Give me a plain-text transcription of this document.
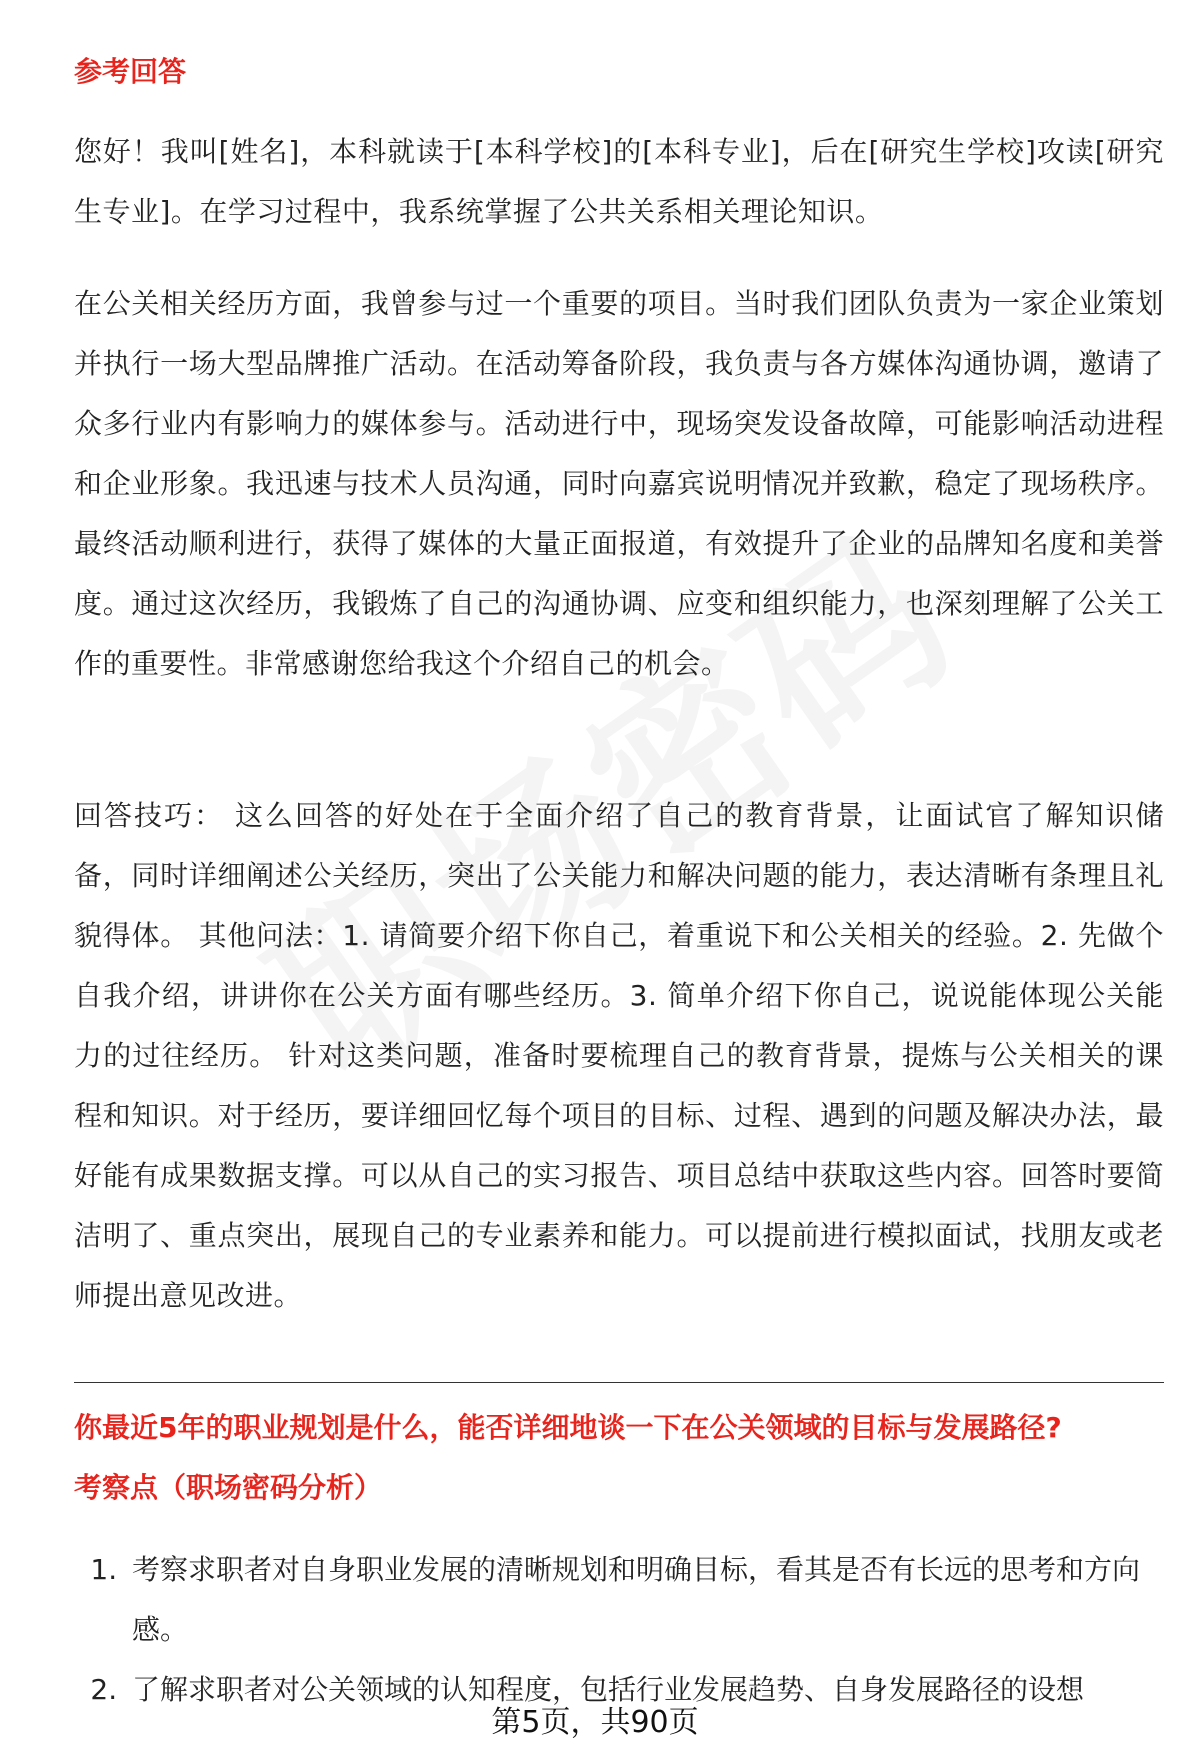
参考回答

您好！我叫[姓名]，本科就读于[本科学校]的[本科专业]，后在[研究生学校]攻读[研究生专业]。在学习过程中，我系统掌握了公共关系相关理论知识。

在公关相关经历方面，我曾参与过一个重要的项目。当时我们团队负责为一家企业策划并执行一场大型品牌推广活动。在活动筹备阶段，我负责与各方媒体沟通协调，邀请了众多行业内有影响力的媒体参与。活动进行中，现场突发设备故障，可能影响活动进程和企业形象。我迅速与技术人员沟通，同时向嘉宾说明情况并致歉，稳定了现场秩序。最终活动顺利进行，获得了媒体的大量正面报道，有效提升了企业的品牌知名度和美誉度。通过这次经历，我锻炼了自己的沟通协调、应变和组织能力，也深刻理解了公关工作的重要性。非常感谢您给我这个介绍自己的机会。

回答技巧： 这么回答的好处在于全面介绍了自己的教育背景，让面试官了解知识储备，同时详细阐述公关经历，突出了公关能力和解决问题的能力，表达清晰有条理且礼貌得体。 其他问法：1. 请简要介绍下你自己，着重说下和公关相关的经验。2. 先做个自我介绍，讲讲你在公关方面有哪些经历。3. 简单介绍下你自己，说说能体现公关能力的过往经历。 针对这类问题，准备时要梳理自己的教育背景，提炼与公关相关的课程和知识。对于经历，要详细回忆每个项目的目标、过程、遇到的问题及解决办法，最好能有成果数据支撑。可以从自己的实习报告、项目总结中获取这些内容。回答时要简洁明了、重点突出，展现自己的专业素养和能力。可以提前进行模拟面试，找朋友或老师提出意见改进。

你最近5年的职业规划是什么，能否详细地谈一下在公关领域的目标与发展路径?

考察点（职场密码分析）

1. 考察求职者对自身职业发展的清晰规划和明确目标，看其是否有长远的思考和方向感。
2. 了解求职者对公关领域的认知程度，包括行业发展趋势、自身发展路径的设想
第5页，共90页
